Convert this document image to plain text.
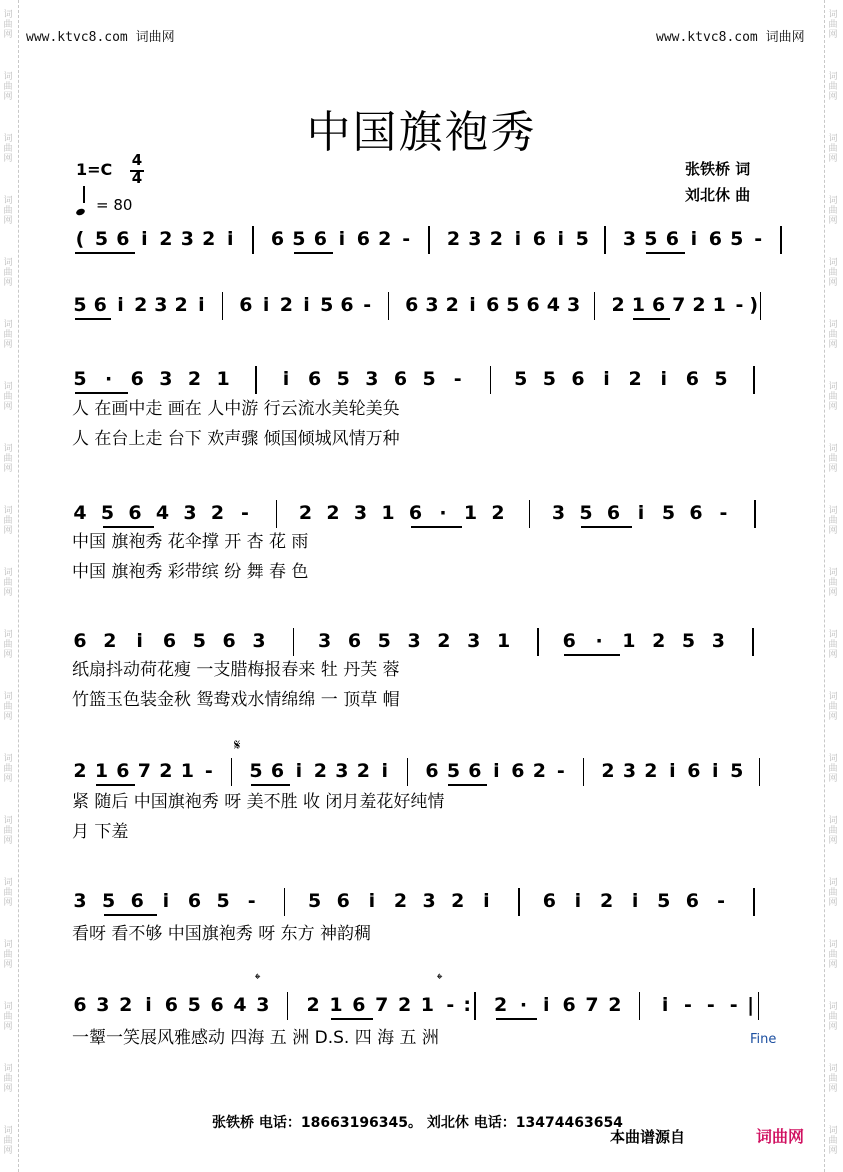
词
曲
网
词
曲
网
词
曲
网
词
曲
网
词
曲
网
词
曲
网
词
曲
网
词
曲
网
词
曲
网
词
曲
网
词
曲
网
词
曲
网
词
曲
网
词
曲
网
词
曲
网
词
曲
网
词
曲
网
词
曲
网
词
曲
网
词
曲
网
词
曲
网
词
曲
网
词
曲
网
词
曲
网
词
曲
网
词
曲
网
词
曲
网
词
曲
网
词
曲
网
词
曲
网
词
曲
网
词
曲
网
词
曲
网
词
曲
网
词
曲
网
词
曲
网
词
曲
网
词
曲
网
www.ktvc8.com 词曲网	www.ktvc8.com 词曲网
中国旗袍秀
1=C 4
4
= 80
张铁桥 词
刘北休 曲
( 5 6 i 2 3 2 i 6 5 6 i 6 2 - 2 3 2 i 6 i 5 3 5 6 i 6 5 -
5 6 i 2 3 2 i 6 i 2 i 5 6 - 6 3 2 i 6 5 6 4 3 2 1 6 7 2 1 - )
5 · 6 3 2 1	i 6 5 3 6 5 -	5 5 6 i 2 i 6 5
4 5 6 4 3 2 -	2 2 3 1 6 · 1 2 3 5 6 i 5 6 -
6 2 i 6 5 6 3	3 6 5 3 2 3 1	6 · 1 2 5 3
2 1 6 7 2 1 - 5 6 i 2 3 2 i 6 5 6 i 6 2 - 2 3 2 i 6 i 5
3 5 6 i 6 5 -	5 6 i 2 3 2 i	6 i 2 i 5 6 -
6 3 2 i 6 5 6 4 3 2 1 6 7 2 1 - : 2 · i 6 7 2 i - - - |
人 在画中走 画在 人中游 行云流水美轮美奂
人 在台上走 台下 欢声骤 倾国倾城风情万种
中国 旗袍秀 花伞撑 开 杏 花 雨
中国 旗袍秀 彩带缤 纷 舞 春 色
纸扇抖动荷花瘦 一支腊梅报春来 牡 丹芙 蓉
竹篮玉色装金秋 鸳鸯戏水情绵绵 一 顶草 帽
紧 随后 中国旗袍秀 呀 美不胜 收 闭月羞花好纯情
月 下羞
看呀 看不够 中国旗袍秀 呀 东方 神韵稠
一颦一笑展风雅感动 四海 五 洲 D.S. 四 海 五 洲
𝄋
𝄌	𝄌
Fine
张铁桥 电话：18663196345。 刘北休 电话：13474463654
本曲谱源自	词曲网
